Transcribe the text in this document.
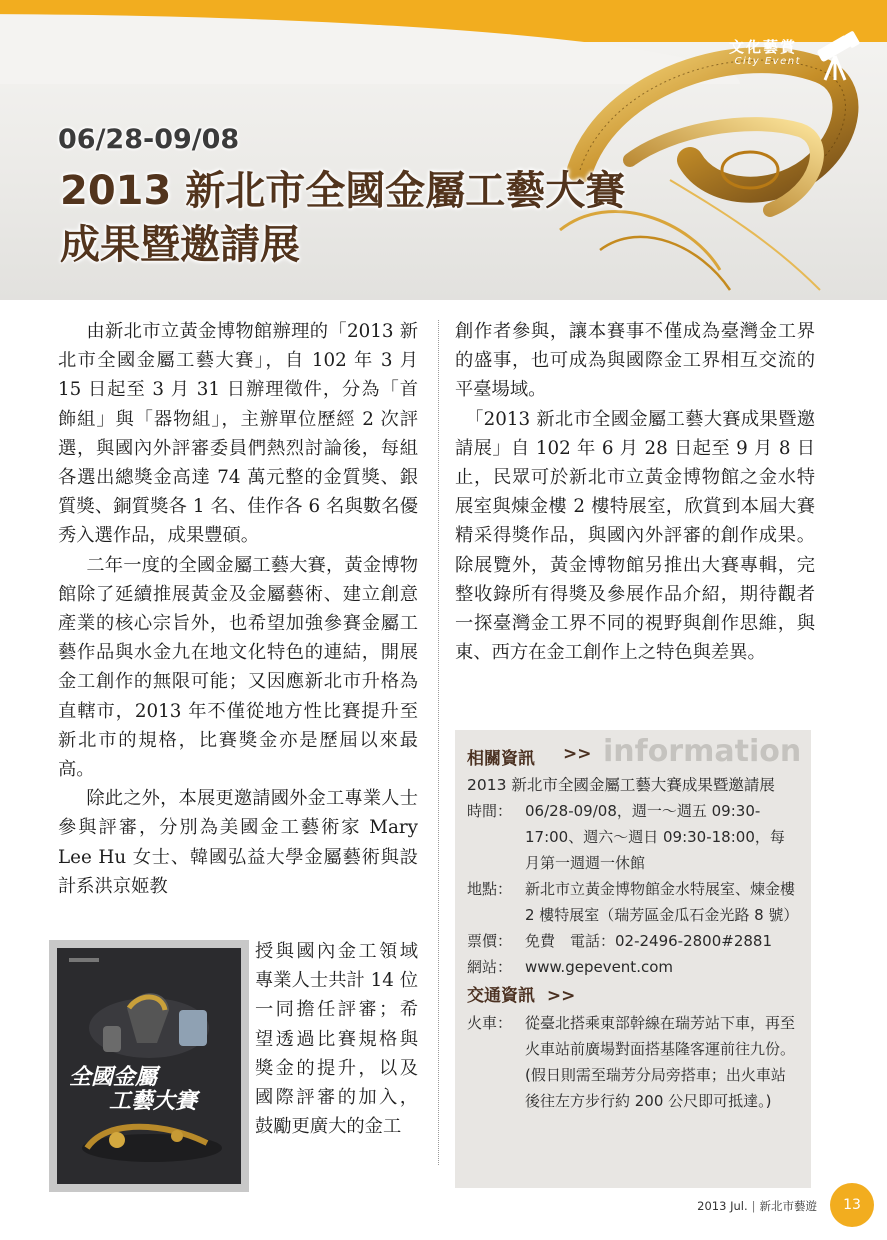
文化藝賞
City Event
06/28-09/08
2013 新北市全國金屬工藝大賽
成果暨邀請展

由新北市立黃金博物館辦理的「2013 新北市全國金屬工藝大賽」，自 102 年 3 月 15 日起至 3 月 31 日辦理徵件，分為「首飾組」與「器物組」，主辦單位歷經 2 次評選，與國內外評審委員們熱烈討論後，每組各選出總獎金高達 74 萬元整的金質獎、銀質獎、銅質獎各 1 名、佳作各 6 名與數名優秀入選作品，成果豐碩。

二年一度的全國金屬工藝大賽，黃金博物館除了延續推展黃金及金屬藝術、建立創意產業的核心宗旨外，也希望加強參賽金屬工藝作品與水金九在地文化特色的連結，開展金工創作的無限可能；又因應新北市升格為直轄市，2013 年不僅從地方性比賽提升至新北市的規格，比賽獎金亦是歷屆以來最高。

除此之外，本展更邀請國外金工專業人士參與評審，分別為美國金工藝術家 Mary Lee Hu 女士、韓國弘益大學金屬藝術與設計系洪京姬教

授與國內金工領域專業人士共計 14 位一同擔任評審；希望透過比賽規格與獎金的提升，以及國際評審的加入，鼓勵更廣大的金工
全國金屬
工藝大賽

創作者參與，讓本賽事不僅成為臺灣金工界的盛事，也可成為與國際金工界相互交流的平臺場域。

「2013 新北市全國金屬工藝大賽成果暨邀請展」自 102 年 6 月 28 日起至 9 月 8 日止，民眾可於新北市立黃金博物館之金水特展室與煉金樓 2 樓特展室，欣賞到本屆大賽精采得獎作品，與國內外評審的創作成果。除展覽外，黃金博物館另推出大賽專輯，完整收錄所有得獎及參展作品介紹，期待觀者一探臺灣金工界不同的視野與創作思維，與東、西方在金工創作上之特色與差異。

相關資訊 >> information
2013 新北市全國金屬工藝大賽成果暨邀請展
時間： 06/28-09/08，週一～週五 09:30-17:00、週六～週日 09:30-18:00，每月第一週週一休館
地點： 新北市立黃金博物館金水特展室、煉金樓 2 樓特展室（瑞芳區金瓜石金光路 8 號）
票價： 免費　電話：02-2496-2800#2881
網站： www.gepevent.com
交通資訊 >>
火車： 從臺北搭乘東部幹線在瑞芳站下車，再至火車站前廣場對面搭基隆客運前往九份。(假日則需至瑞芳分局旁搭車；出火車站後往左方步行約 200 公尺即可抵達。)
2013 Jul. | 新北市藝遊	13
